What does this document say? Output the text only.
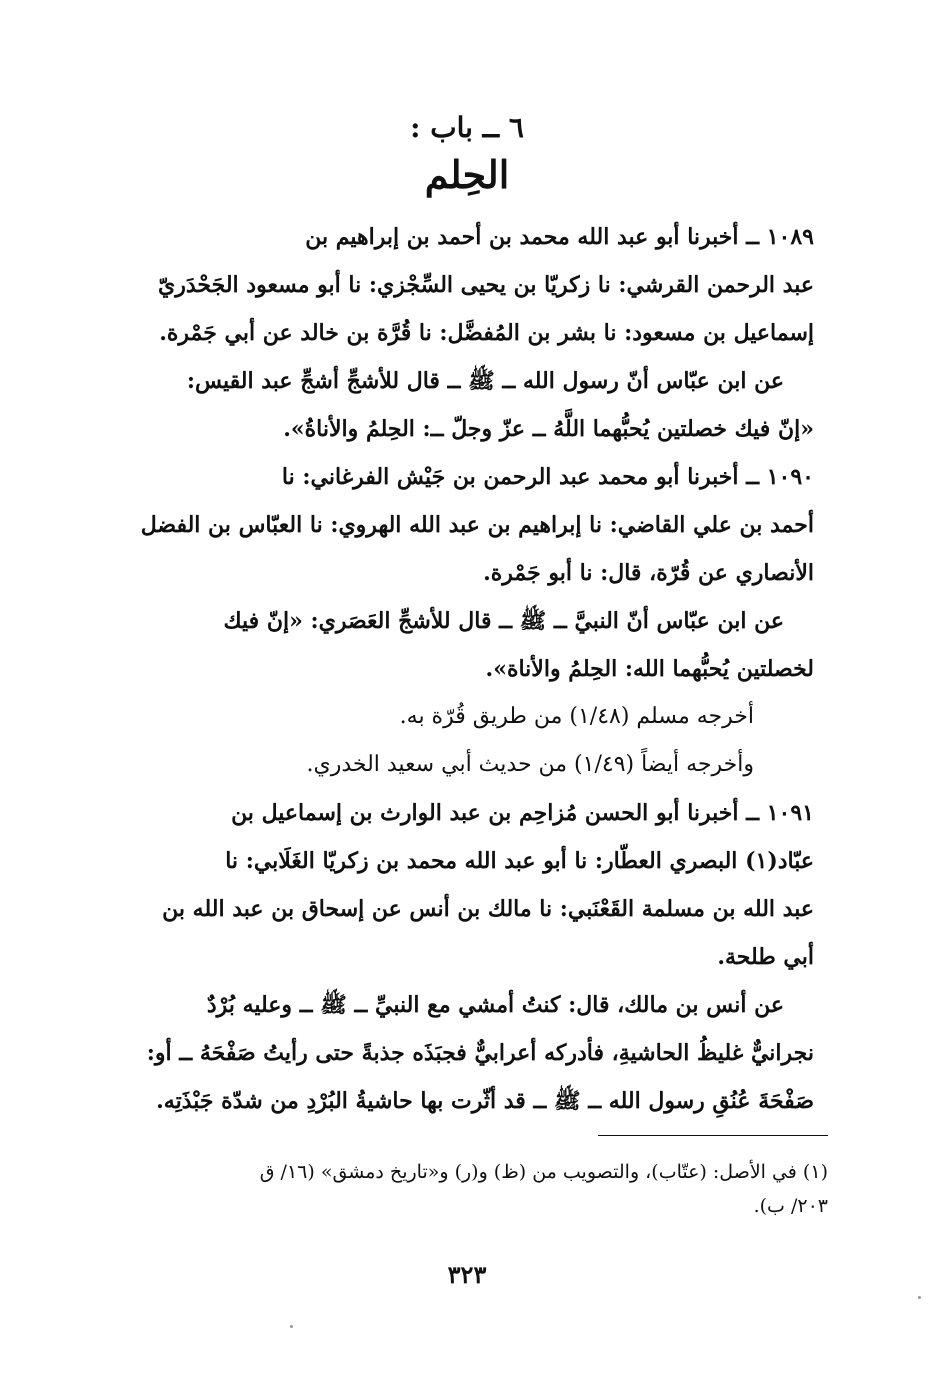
٦ ــ باب :
الحِلم
١٠٨٩ ــ أخبرنا أبو عبد الله محمد بن أحمد بن إبراهيم بن
عبد الرحمن القرشي: نا زكريّا بن يحيى السِّجْزي: نا أبو مسعود الجَحْدَريّ
إسماعيل بن مسعود: نا بشر بن المُفضَّل: نا قُرَّة بن خالد عن أبي جَمْرة.
عن ابن عبّاس أنّ رسول الله ــ ﷺ ــ قال للأشجِّ أشجِّ عبد القيس:
«إنّ فيك خصلتين يُحبُّهما اللَّهُ ــ عزّ وجلّ ــ: الحِلمُ والأناةُ».
١٠٩٠ ــ أخبرنا أبو محمد عبد الرحمن بن جَيْش الفرغاني: نا
أحمد بن علي القاضي: نا إبراهيم بن عبد الله الهروي: نا العبّاس بن الفضل
الأنصاري عن قُرّة، قال: نا أبو جَمْرة.
عن ابن عبّاس أنّ النبيَّ ــ ﷺ ــ قال للأشجِّ العَصَري: «إنّ فيك
لخصلتين يُحبُّهما الله: الحِلمُ والأناة».
أخرجه مسلم (١/٤٨) من طريق قُرّة به.
وأخرجه أيضاً (١/٤٩) من حديث أبي سعيد الخدري.
١٠٩١ ــ أخبرنا أبو الحسن مُزاحِم بن عبد الوارث بن إسماعيل بن
عبّاد(١) البصري العطّار: نا أبو عبد الله محمد بن زكريّا الغَلَابي: نا
عبد الله بن مسلمة القَعْنَبي: نا مالك بن أنس عن إسحاق بن عبد الله بن
أبي طلحة.
عن أنس بن مالك، قال: كنتُ أمشي مع النبيِّ ــ ﷺ ــ وعليه بُرْدٌ
نجرانيٌّ غليظُ الحاشيةِ، فأدركه أعرابيٌّ فجبَذَه جذبةً حتى رأيتُ صَفْحَهُ ــ أو:
صَفْحَةَ عُنُقِ رسول الله ــ ﷺ ــ قد أثّرت بها حاشيةُ البُرْدِ من شدّة جَبْذَتِه.
(١) في الأصل: (عتّاب)، والتصويب من (ظ) و(ر) و«تاريخ دمشق» (١٦/ ق
٢٠٣/ ب).
٣٢٣
